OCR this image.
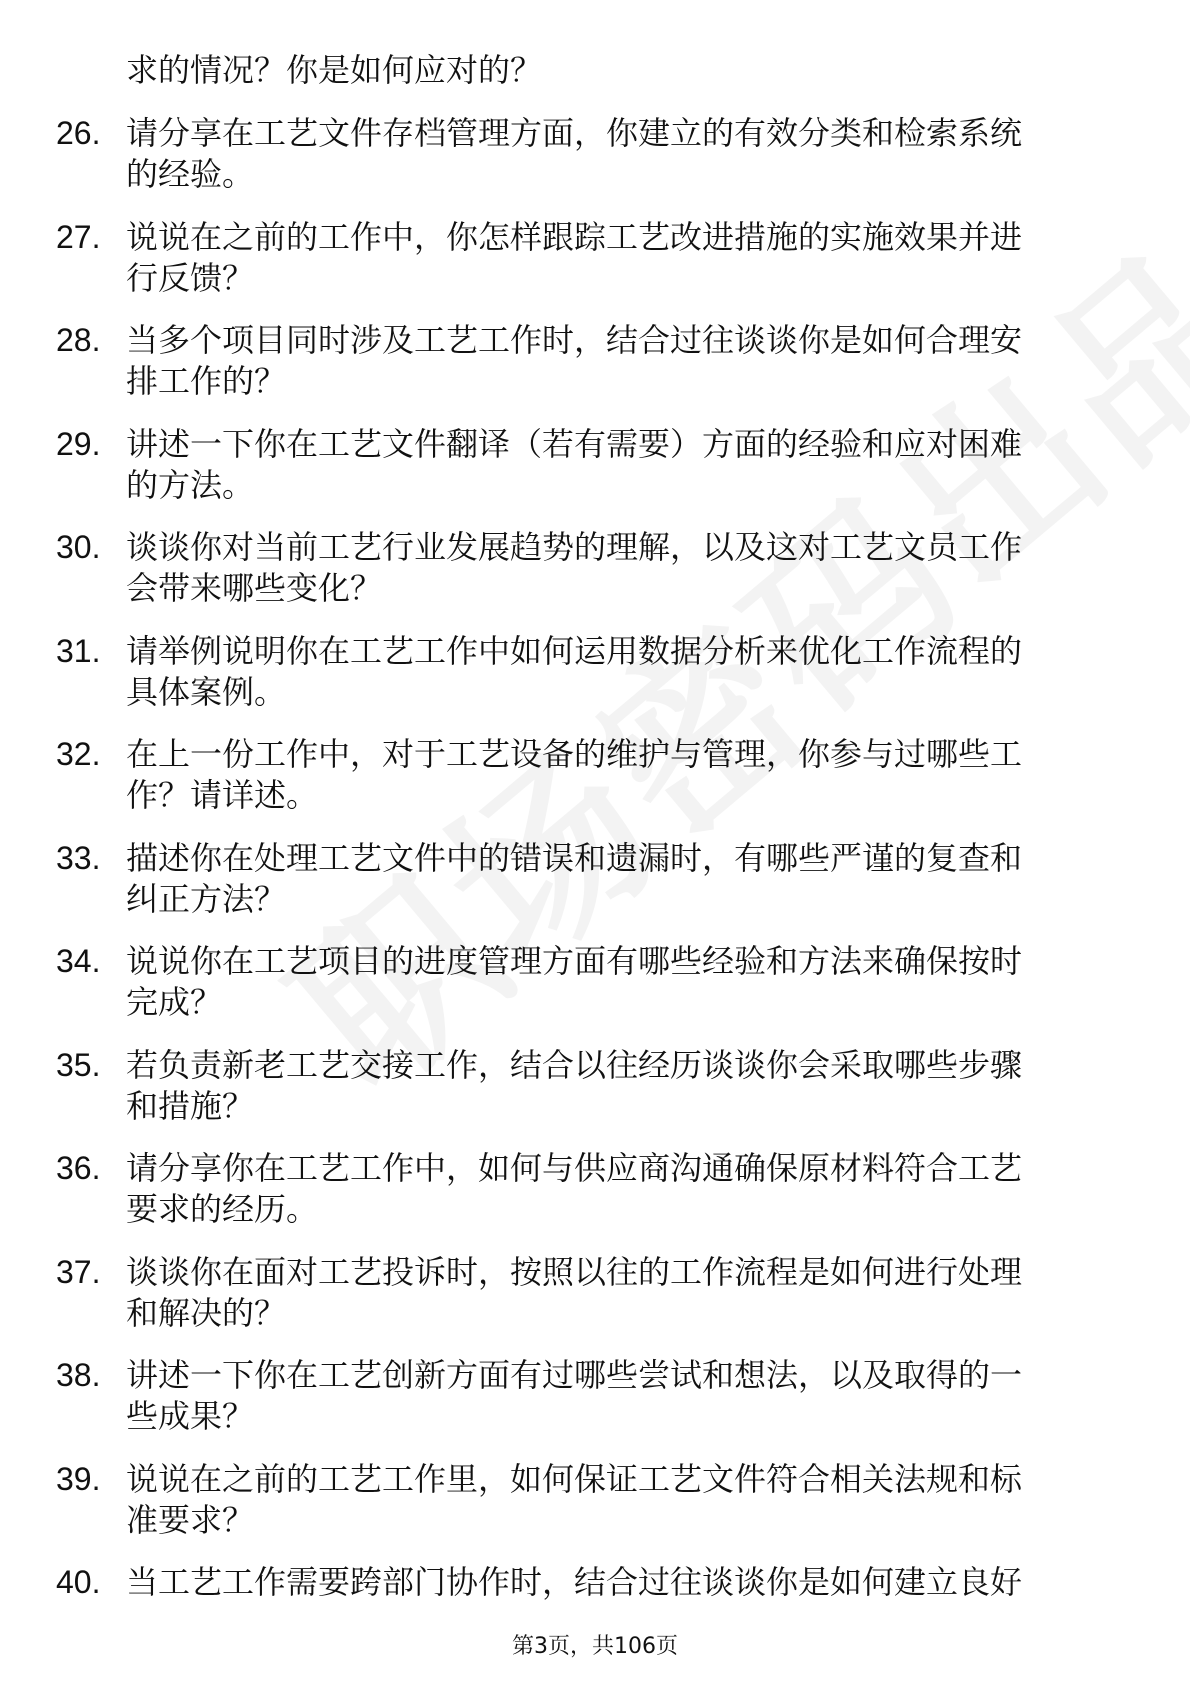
求的情况？你是如何应对的？
26. 请分享在工艺文件存档管理方面，你建立的有效分类和检索系统
的经验。
27. 说说在之前的工作中，你怎样跟踪工艺改进措施的实施效果并进
行反馈？
28. 当多个项目同时涉及工艺工作时，结合过往谈谈你是如何合理安
排工作的？
29. 讲述一下你在工艺文件翻译（若有需要）方面的经验和应对困难
的方法。
30. 谈谈你对当前工艺行业发展趋势的理解，以及这对工艺文员工作
会带来哪些变化？
31. 请举例说明你在工艺工作中如何运用数据分析来优化工作流程的
具体案例。
32. 在上一份工作中，对于工艺设备的维护与管理，你参与过哪些工
作？请详述。
33. 描述你在处理工艺文件中的错误和遗漏时，有哪些严谨的复查和
纠正方法？
34. 说说你在工艺项目的进度管理方面有哪些经验和方法来确保按时
完成？
35. 若负责新老工艺交接工作，结合以往经历谈谈你会采取哪些步骤
和措施？
36. 请分享你在工艺工作中，如何与供应商沟通确保原材料符合工艺
要求的经历。
37. 谈谈你在面对工艺投诉时，按照以往的工作流程是如何进行处理
和解决的？
38. 讲述一下你在工艺创新方面有过哪些尝试和想法，以及取得的一
些成果？
39. 说说在之前的工艺工作里，如何保证工艺文件符合相关法规和标
准要求？
40. 当工艺工作需要跨部门协作时，结合过往谈谈你是如何建立良好
第3页，共106页
